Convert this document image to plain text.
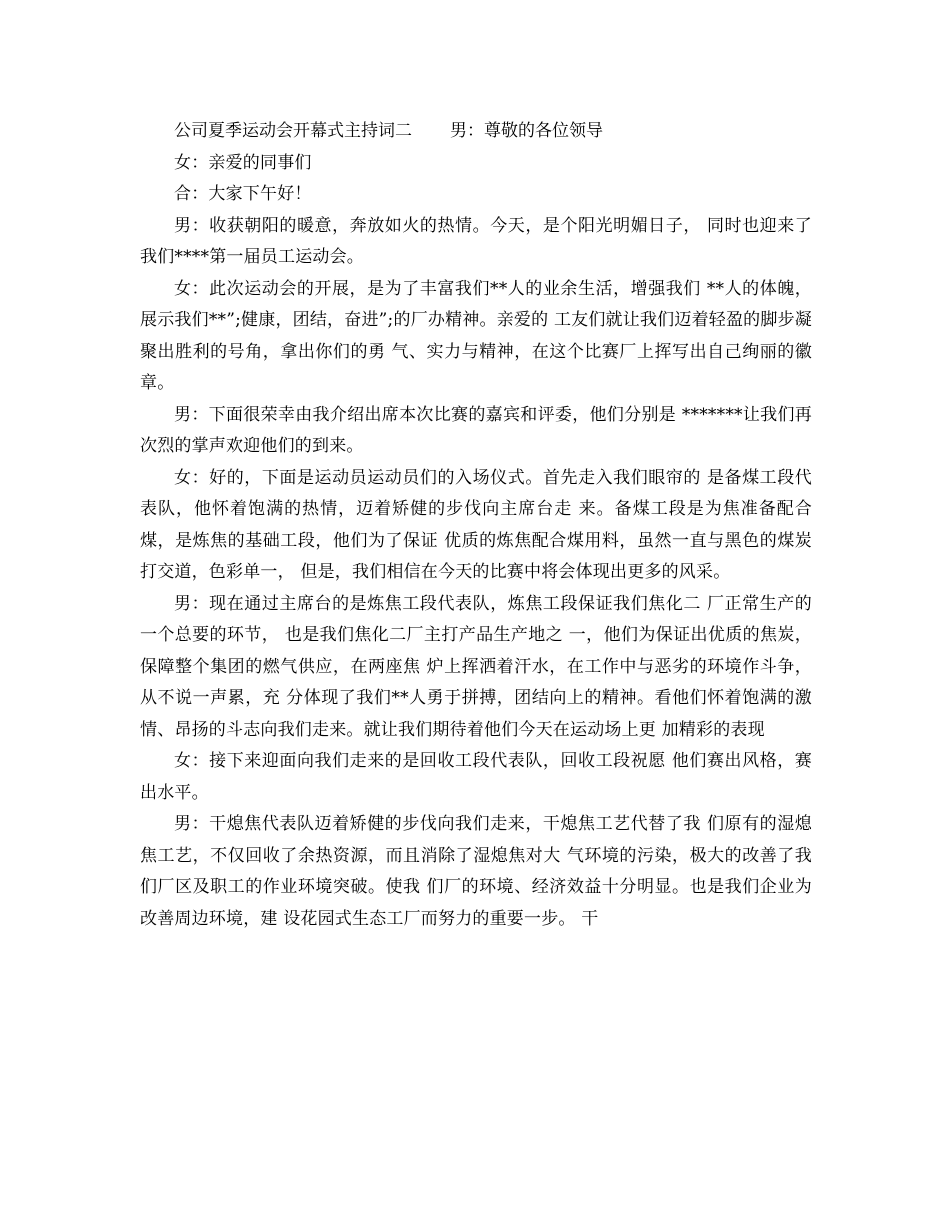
公司夏季运动会开幕式主持词二 男：尊敬的各位领导

女：亲爱的同事们

合：大家下午好！

男：收获朝阳的暖意，奔放如火的热情。今天，是个阳光明媚日子， 同时也迎来了我们****第一届员工运动会。

女：此次运动会的开展，是为了丰富我们**人的业余生活，增强我们 **人的体魄，展示我们**”;健康，团结，奋进”;的厂办精神。亲爱的 工友们就让我们迈着轻盈的脚步凝聚出胜利的号角，拿出你们的勇 气、实力与精神，在这个比赛厂上挥写出自己绚丽的徽章。

男：下面很荣幸由我介绍出席本次比赛的嘉宾和评委，他们分别是 *******让我们再次烈的掌声欢迎他们的到来。

女：好的，下面是运动员运动员们的入场仪式。首先走入我们眼帘的 是备煤工段代表队，他怀着饱满的热情，迈着矫健的步伐向主席台走 来。备煤工段是为焦准备配合煤，是炼焦的基础工段，他们为了保证 优质的炼焦配合煤用料，虽然一直与黑色的煤炭打交道，色彩单一， 但是，我们相信在今天的比赛中将会体现出更多的风采。

男：现在通过主席台的是炼焦工段代表队，炼焦工段保证我们焦化二 厂正常生产的一个总要的环节， 也是我们焦化二厂主打产品生产地之 一，他们为保证出优质的焦炭，保障整个集团的燃气供应，在两座焦 炉上挥洒着汗水，在工作中与恶劣的环境作斗争，从不说一声累，充 分体现了我们**人勇于拼搏，团结向上的精神。看他们怀着饱满的激情、昂扬的斗志向我们走来。就让我们期待着他们今天在运动场上更 加精彩的表现

女：接下来迎面向我们走来的是回收工段代表队，回收工段祝愿 他们赛出风格，赛出水平。

男：干熄焦代表队迈着矫健的步伐向我们走来，干熄焦工艺代替了我 们原有的湿熄焦工艺，不仅回收了余热资源，而且消除了湿熄焦对大 气环境的污染，极大的改善了我们厂区及职工的作业环境突破。使我 们厂的环境、经济效益十分明显。也是我们企业为改善周边环境，建 设花园式生态工厂而努力的重要一步。 干
